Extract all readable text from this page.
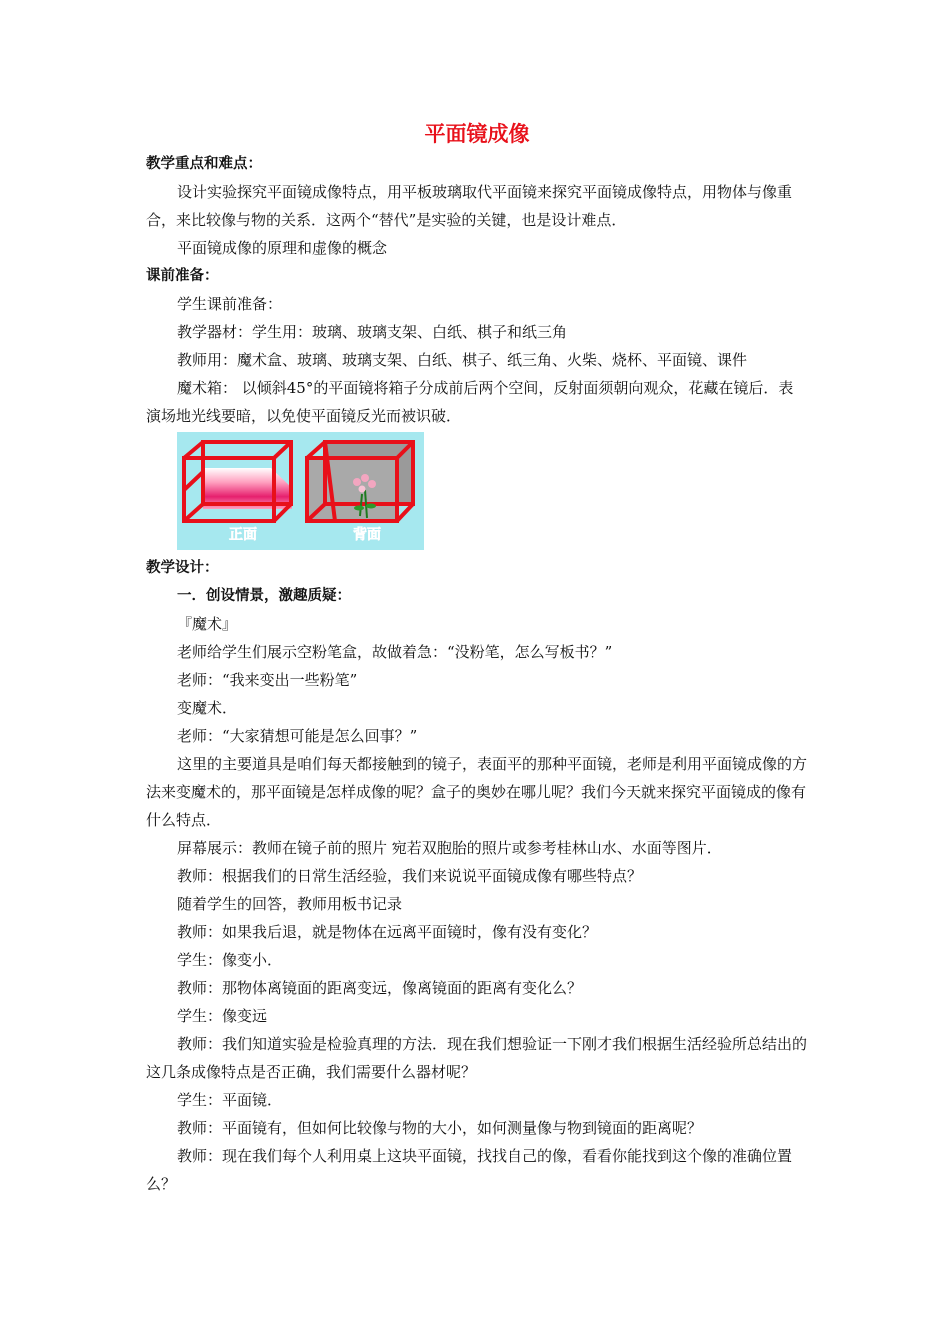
平面镜成像
教学重点和难点：

设计实验探究平面镜成像特点，用平板玻璃取代平面镜来探究平面镜成像特点，用物体与像重合，来比较像与物的关系．这两个“替代”是实验的关键，也是设计难点．

平面镜成像的原理和虚像的概念

课前准备：

学生课前准备：

教学器材：学生用：玻璃、玻璃支架、白纸、棋子和纸三角

教师用：魔术盒、玻璃、玻璃支架、白纸、棋子、纸三角、火柴、烧杯、平面镜、课件

魔术箱： 以倾斜45°的平面镜将箱子分成前后两个空间，反射面须朝向观众，花藏在镜后．表演场地光线要暗，以免使平面镜反光而被识破．

正面	背面
教学设计：
一．创设情景，激趣质疑：

『魔术』

老师给学生们展示空粉笔盒，故做着急：“没粉笔，怎么写板书？”

老师：“我来变出一些粉笔”

变魔术．

老师：“大家猜想可能是怎么回事？”

这里的主要道具是咱们每天都接触到的镜子，表面平的那种平面镜，老师是利用平面镜成像的方法来变魔术的，那平面镜是怎样成像的呢？盒子的奥妙在哪儿呢？我们今天就来探究平面镜成的像有什么特点．

屏幕展示：教师在镜子前的照片 宛若双胞胎的照片或参考桂林山水、水面等图片．

教师：根据我们的日常生活经验，我们来说说平面镜成像有哪些特点？

随着学生的回答，教师用板书记录

教师：如果我后退，就是物体在远离平面镜时，像有没有变化？

学生：像变小．

教师：那物体离镜面的距离变远，像离镜面的距离有变化么？

学生：像变远

教师：我们知道实验是检验真理的方法．现在我们想验证一下刚才我们根据生活经验所总结出的这几条成像特点是否正确，我们需要什么器材呢？

学生：平面镜．

教师：平面镜有，但如何比较像与物的大小，如何测量像与物到镜面的距离呢？

教师：现在我们每个人利用桌上这块平面镜，找找自己的像，看看你能找到这个像的准确位置么？
